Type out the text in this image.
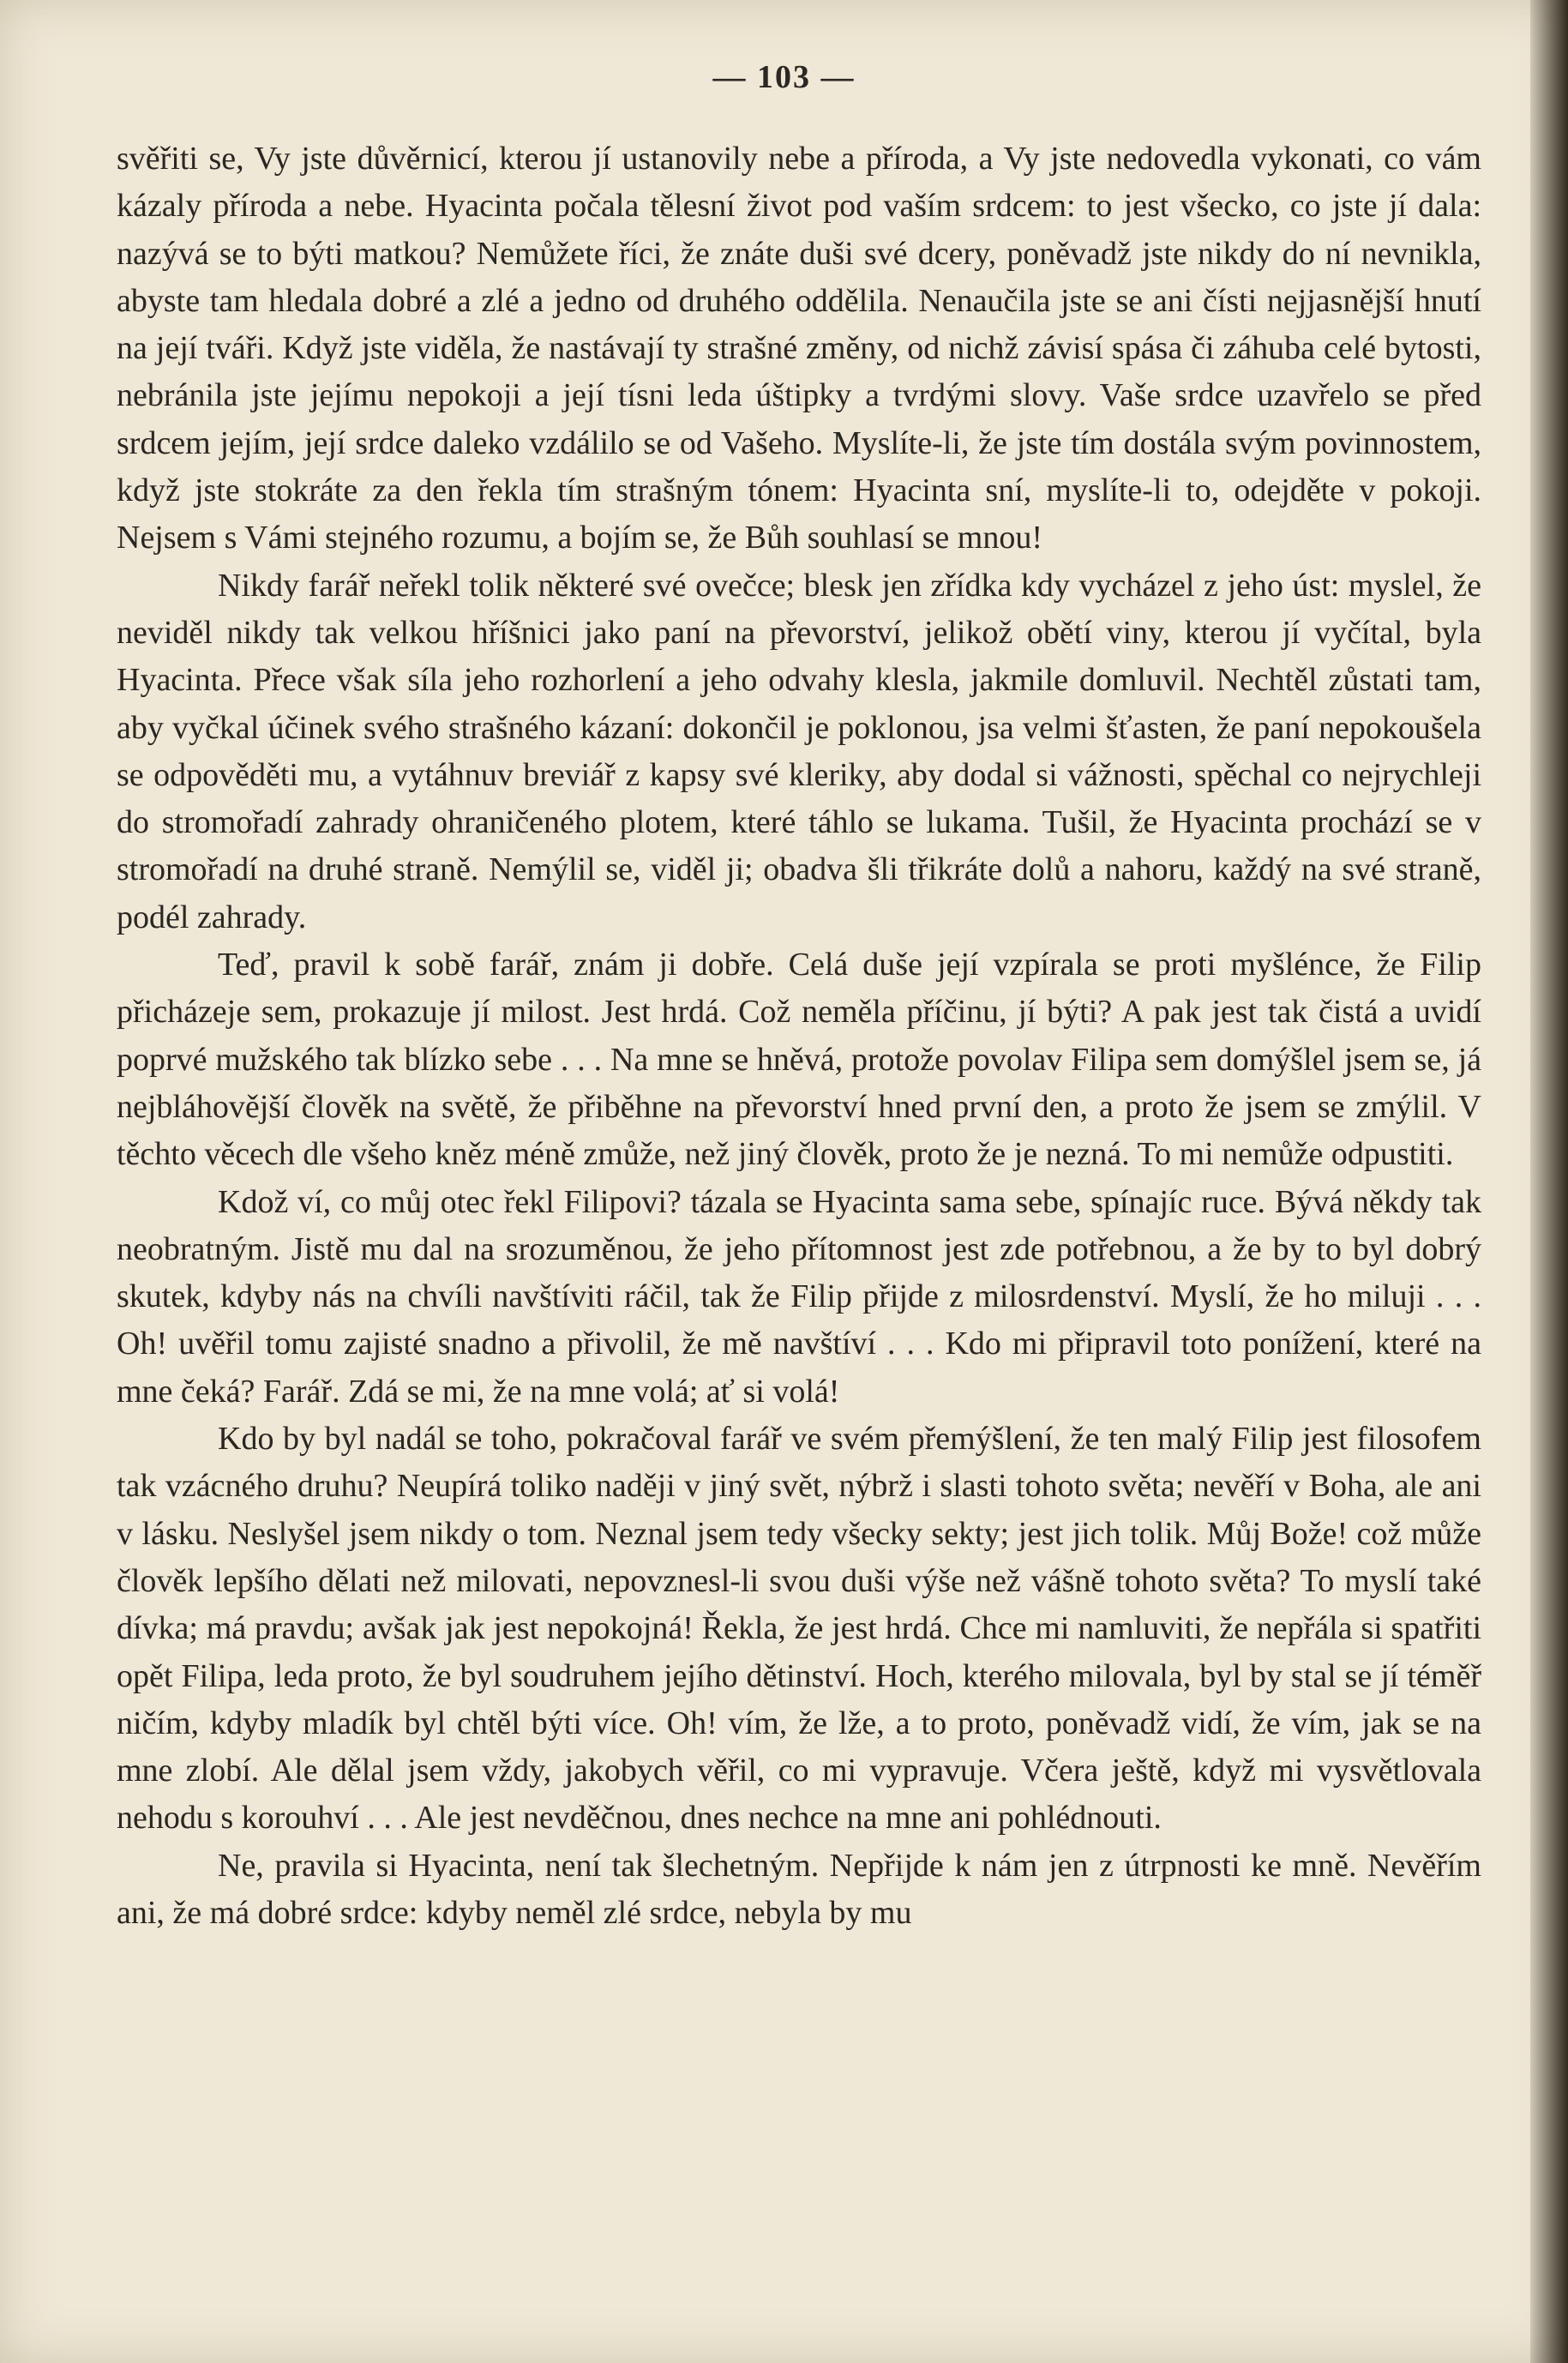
— 103 —

svěřiti se, Vy jste důvěrnicí, kterou jí ustanovily nebe a příroda, a Vy jste nedovedla vykonati, co vám kázaly příroda a nebe. Hyacinta počala tělesní život pod vaším srdcem: to jest všecko, co jste jí dala: nazývá se to býti matkou? Nemůžete říci, že znáte duši své dcery, poněvadž jste nikdy do ní nevnikla, abyste tam hledala dobré a zlé a jedno od druhého oddělila. Nenaučila jste se ani čísti nejjasnější hnutí na její tváři. Když jste viděla, že nastávají ty strašné změny, od nichž závisí spása či záhuba celé bytosti, nebránila jste jejímu nepokoji a její tísni leda úštipky a tvrdými slovy. Vaše srdce uzavřelo se před srdcem jejím, její srdce daleko vzdálilo se od Vašeho. Myslíte-li, že jste tím dostála svým povinnostem, když jste stokráte za den řekla tím strašným tónem: Hyacinta sní, myslíte-li to, odejděte v pokoji. Nejsem s Vámi stejného rozumu, a bojím se, že Bůh souhlasí se mnou!

Nikdy farář neřekl tolik některé své ovečce; blesk jen zřídka kdy vycházel z jeho úst: myslel, že neviděl nikdy tak velkou hříšnici jako paní na převorství, jelikož obětí viny, kterou jí vyčítal, byla Hyacinta. Přece však síla jeho rozhorlení a jeho odvahy klesla, jakmile domluvil. Nechtěl zůstati tam, aby vyčkal účinek svého strašného kázaní: dokončil je poklonou, jsa velmi šťasten, že paní nepokoušela se odpověděti mu, a vytáhnuv breviář z kapsy své kleriky, aby dodal si vážnosti, spěchal co nejrychleji do stromořadí zahrady ohraničeného plotem, které táhlo se lukama. Tušil, že Hyacinta prochází se v stromořadí na druhé straně. Nemýlil se, viděl ji; obadva šli třikráte dolů a nahoru, každý na své straně, podél zahrady.

Teď, pravil k sobě farář, znám ji dobře. Celá duše její vzpírala se proti myšlénce, že Filip přicházeje sem, prokazuje jí milost. Jest hrdá. Což neměla příčinu, jí býti? A pak jest tak čistá a uvidí poprvé mužského tak blízko sebe . . . Na mne se hněvá, protože povolav Filipa sem domýšlel jsem se, já nejbláhovější člověk na světě, že přiběhne na převorství hned první den, a proto že jsem se zmýlil. V těchto věcech dle všeho kněz méně zmůže, než jiný člověk, proto že je nezná. To mi nemůže odpustiti.

Kdož ví, co můj otec řekl Filipovi? tázala se Hyacinta sama sebe, spínajíc ruce. Bývá někdy tak neobratným. Jistě mu dal na srozuměnou, že jeho přítomnost jest zde potřebnou, a že by to byl dobrý skutek, kdyby nás na chvíli navštíviti ráčil, tak že Filip přijde z milosrdenství. Myslí, že ho miluji . . . Oh! uvěřil tomu zajisté snadno a přivolil, že mě navštíví . . . Kdo mi připravil toto ponížení, které na mne čeká? Farář. Zdá se mi, že na mne volá; ať si volá!

Kdo by byl nadál se toho, pokračoval farář ve svém přemýšlení, že ten malý Filip jest filosofem tak vzácného druhu? Neupírá toliko naději v jiný svět, nýbrž i slasti tohoto světa; nevěří v Boha, ale ani v lásku. Neslyšel jsem nikdy o tom. Neznal jsem tedy všecky sekty; jest jich tolik. Můj Bože! což může člověk lepšího dělati než milovati, nepovznesl-li svou duši výše než vášně tohoto světa? To myslí také dívka; má pravdu; avšak jak jest nepokojná! Řekla, že jest hrdá. Chce mi namluviti, že nepřála si spatřiti opět Filipa, leda proto, že byl soudruhem jejího dětinství. Hoch, kterého milovala, byl by stal se jí téměř ničím, kdyby mladík byl chtěl býti více. Oh! vím, že lže, a to proto, poněvadž vidí, že vím, jak se na mne zlobí. Ale dělal jsem vždy, jakobych věřil, co mi vypravuje. Včera ještě, když mi vysvětlovala nehodu s korouhví . . . Ale jest nevděčnou, dnes nechce na mne ani pohlédnouti.

Ne, pravila si Hyacinta, není tak šlechetným. Nepřijde k nám jen z útrpnosti ke mně. Nevěřím ani, že má dobré srdce: kdyby neměl zlé srdce, nebyla by mu
